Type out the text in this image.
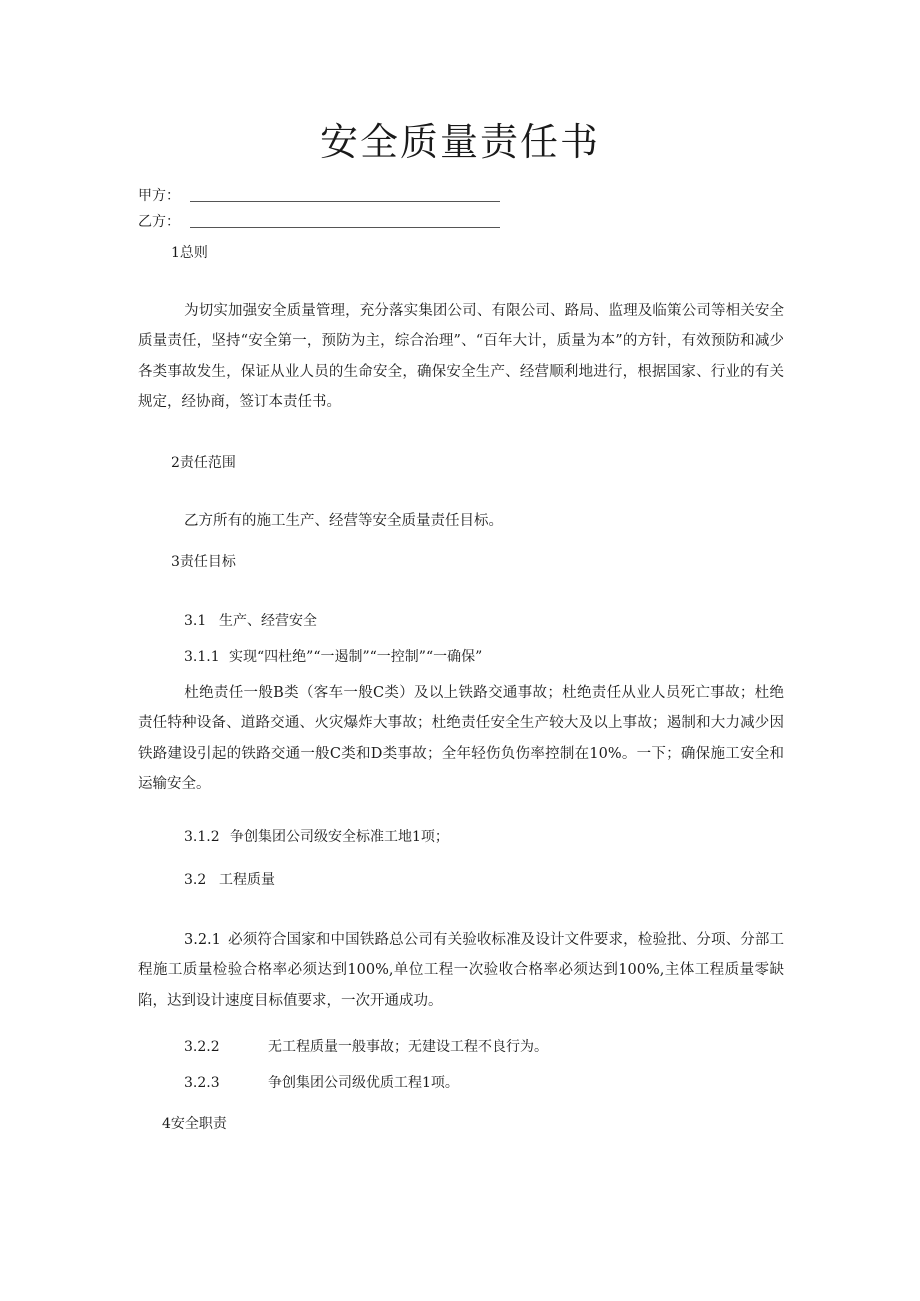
安全质量责任书
甲方：
乙方：
1总则
为切实加强安全质量管理，充分落实集团公司、有限公司、路局、监理及临策公司等相关安全质量责任，坚持“安全第一，预防为主，综合治理”、“百年大计，质量为本”的方针，有效预防和减少各类事故发生，保证从业人员的生命安全，确保安全生产、经营顺利地进行，根据国家、行业的有关规定，经协商，签订本责任书。
2责任范围
乙方所有的施工生产、经营等安全质量责任目标。
3责任目标
3.1 生产、经营安全
3.1.1 实现“四杜绝”“一遏制”“一控制”“一确保”
杜绝责任一般B类（客车一般C类）及以上铁路交通事故；杜绝责任从业人员死亡事故；杜绝责任特种设备、道路交通、火灾爆炸大事故；杜绝责任安全生产较大及以上事故；遏制和大力减少因铁路建设引起的铁路交通一般C类和D类事故；全年轻伤负伤率控制在10%。一下；确保施工安全和运输安全。
3.1.2 争创集团公司级安全标准工地1项；
3.2 工程质量
3.2.1 必须符合国家和中国铁路总公司有关验收标准及设计文件要求，检验批、分项、分部工程施工质量检验合格率必须达到100%,单位工程一次验收合格率必须达到100%,主体工程质量零缺陷，达到设计速度目标值要求，一次开通成功。
3.2.2	无工程质量一般事故；无建设工程不良行为。
3.2.3	争创集团公司级优质工程1项。
4安全职责
